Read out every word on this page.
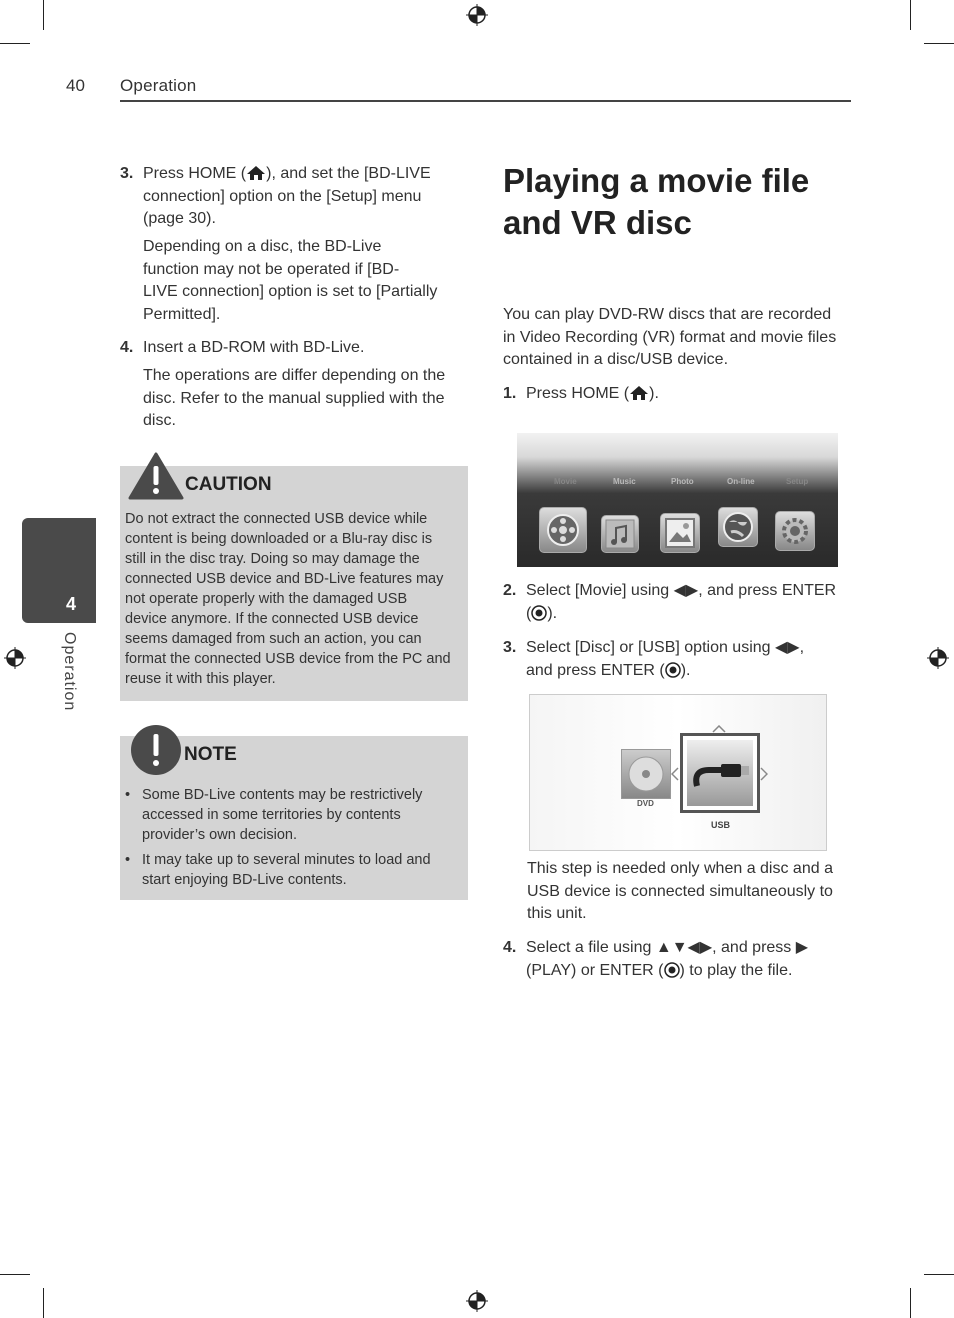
40 Operation
4
Operation
3. Press HOME ( ), and set the [BD-LIVE
connection] option on the [Setup] menu
(page 30).
Depending on a disc, the BD-Live
function may not be operated if [BD-
LIVE connection] option is set to [Partially
Permitted].
4. Insert a BD-ROM with BD-Live.
The operations are differ depending on the
disc. Refer to the manual supplied with the
disc.
CAUTION
Do not extract the connected USB device while
content is being downloaded or a Blu-ray disc is
still in the disc tray. Doing so may damage the
connected USB device and BD-Live features may
not operate properly with the damaged USB
device anymore. If the connected USB device
seems damaged from such an action, you can
format the connected USB device from the PC and
reuse it with this player.
NOTE
• Some BD-Live contents may be restrictively
accessed in some territories by contents
provider’s own decision.
• It may take up to several minutes to load and
start enjoying BD-Live contents.
Playing a movie file
and VR disc
You can play DVD-RW discs that are recorded
in Video Recording (VR) format and movie files
contained in a disc/USB device.
1. Press HOME ( ).
Movie	Music	Photo	On-line	Setup
2. Select [Movie] using ◀▶, and press ENTER
( ).
3. Select [Disc] or [USB] option using ◀▶,
and press ENTER ( ).
DVD
USB
This step is needed only when a disc and a
USB device is connected simultaneously to
this unit.
4. Select a file using ▲▼◀▶, and press ▶
(PLAY) or ENTER ( ) to play the file.
